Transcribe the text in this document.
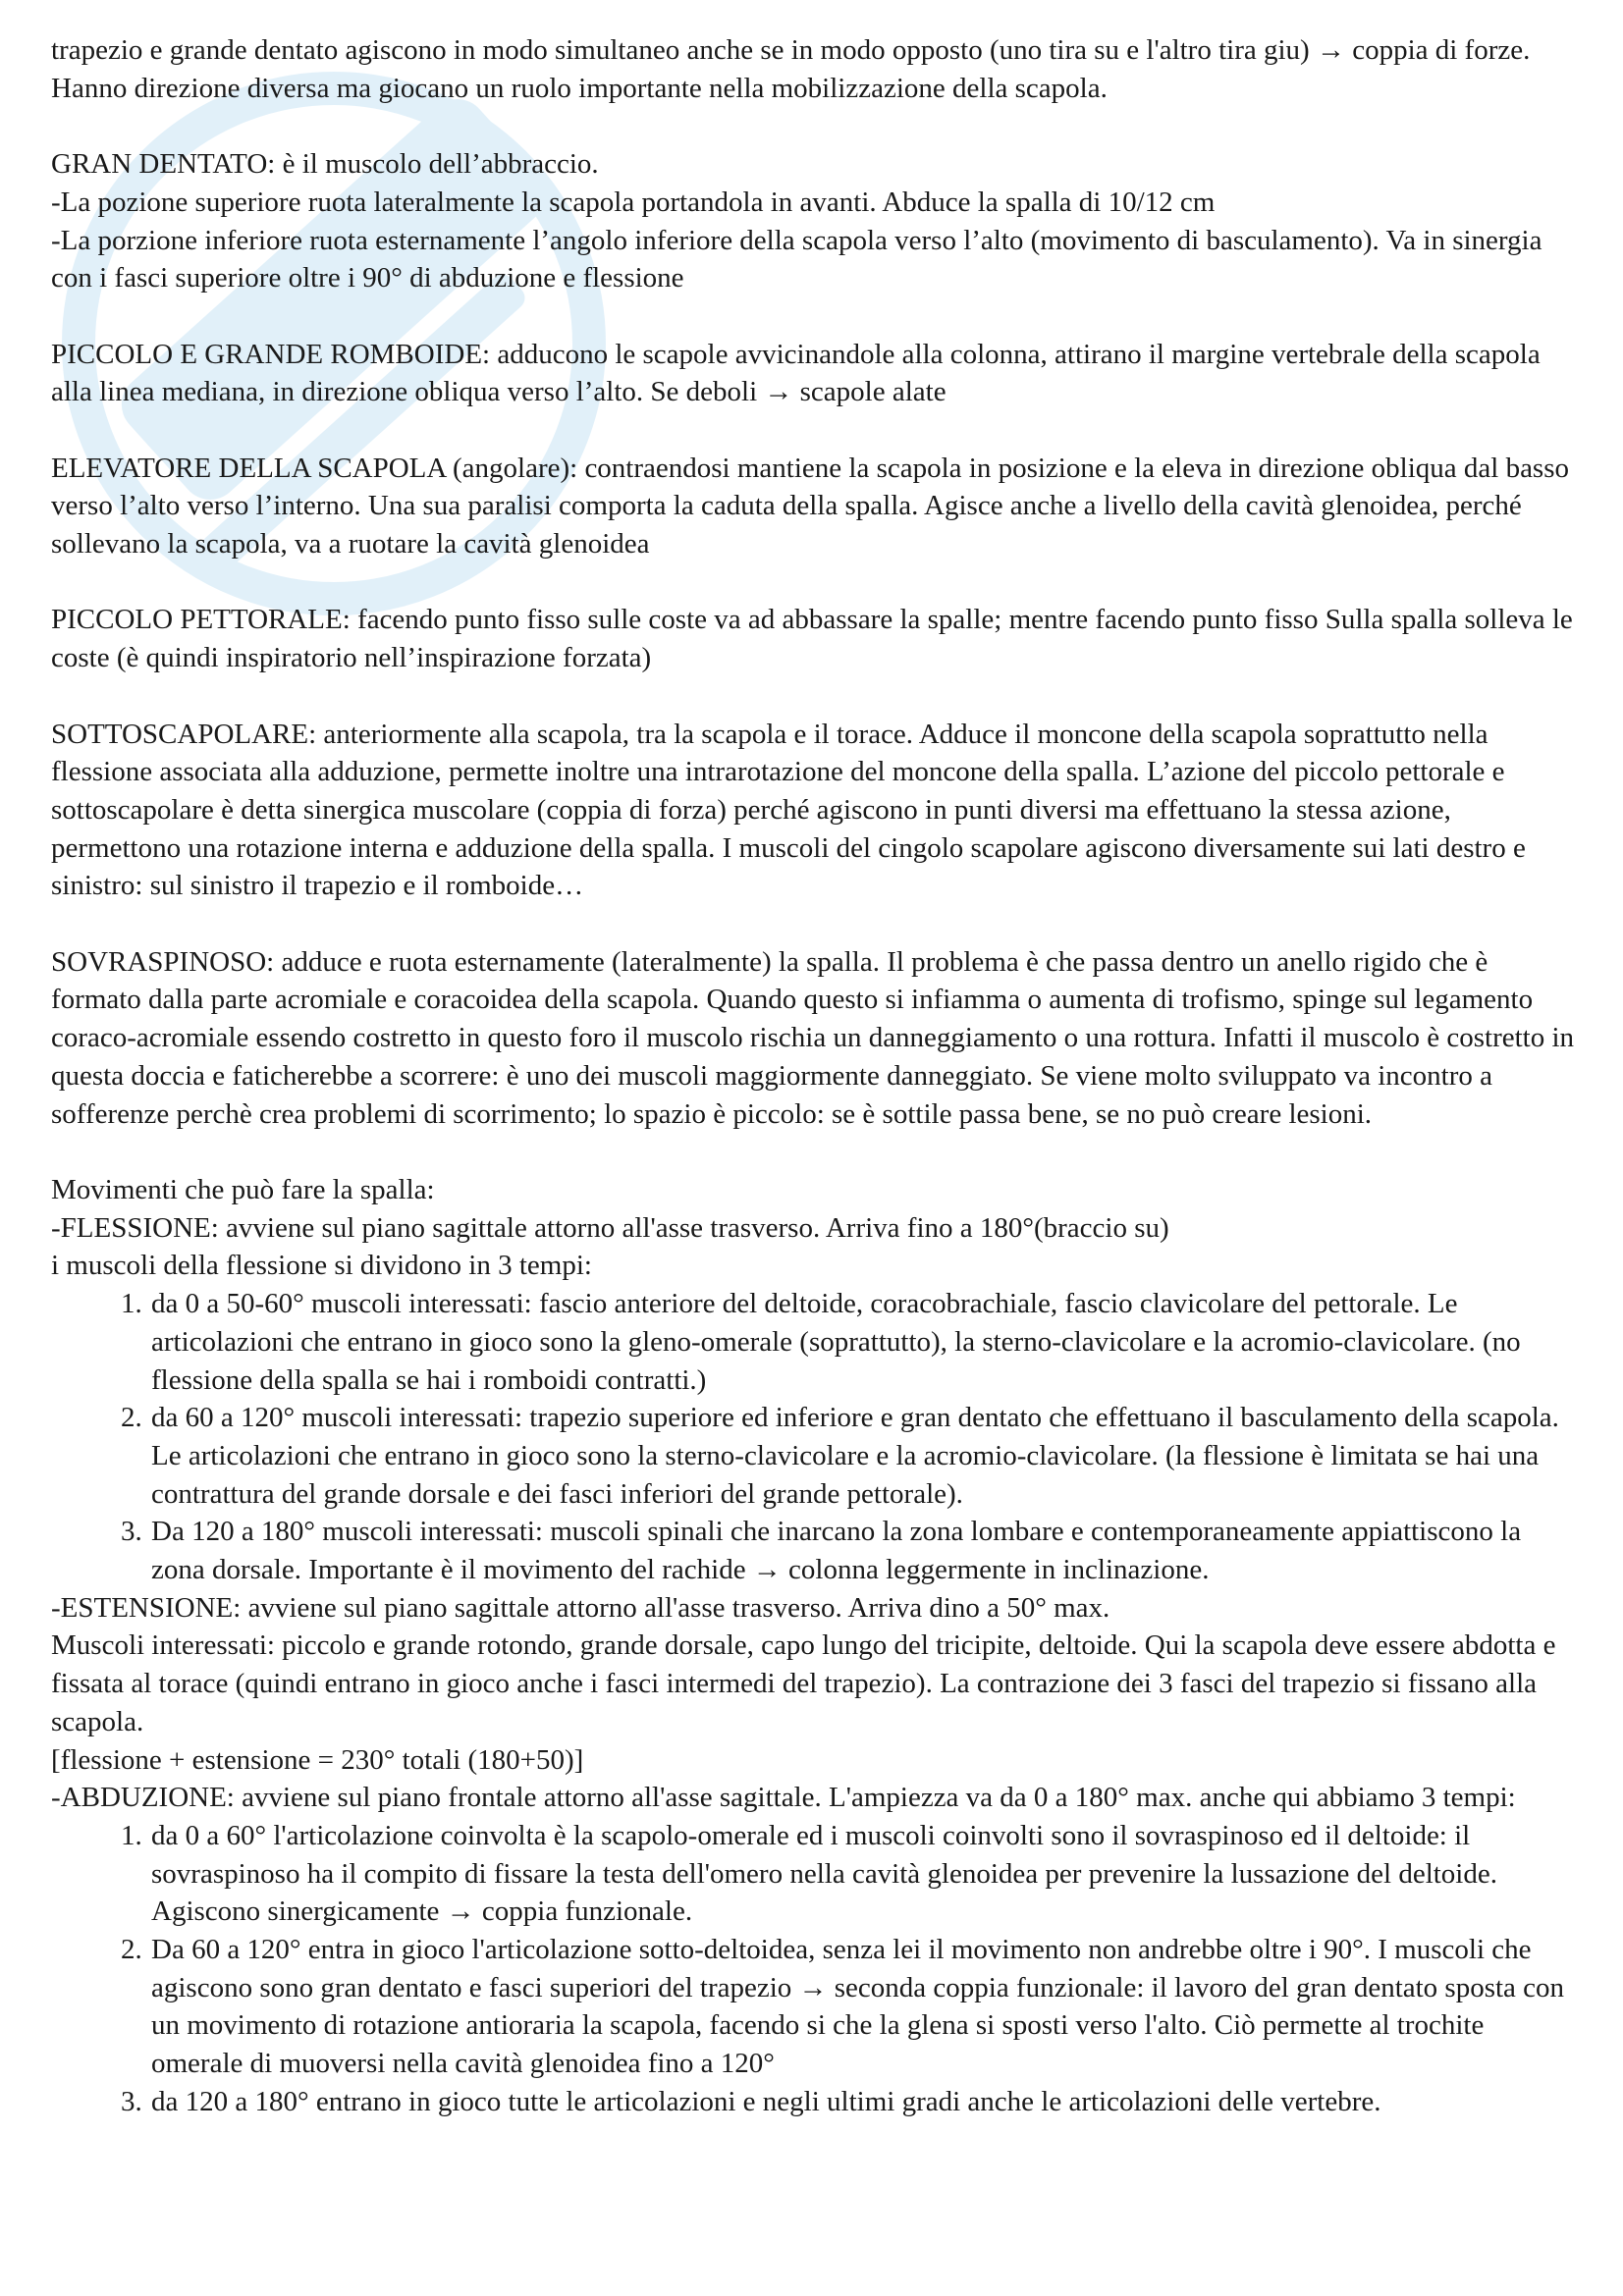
trapezio e grande dentato agiscono in modo simultaneo anche se in modo opposto (uno tira su e l'altro tira giu) → coppia di forze. Hanno direzione diversa ma giocano un ruolo importante nella mobilizzazione della scapola.

GRAN DENTATO: è il muscolo dell’abbraccio.

-La pozione superiore ruota lateralmente la scapola portandola in avanti. Abduce la spalla di 10/12 cm

-La porzione inferiore ruota esternamente l’angolo inferiore della scapola verso l’alto (movimento di basculamento). Va in sinergia con i fasci superiore oltre i 90° di abduzione e flessione

PICCOLO E GRANDE ROMBOIDE: adducono le scapole avvicinandole alla colonna, attirano il margine vertebrale della scapola alla linea mediana, in direzione obliqua verso l’alto. Se deboli → scapole alate

ELEVATORE DELLA SCAPOLA (angolare): contraendosi mantiene la scapola in posizione e la eleva in direzione obliqua dal basso verso l’alto verso l’interno. Una sua paralisi comporta la caduta della spalla. Agisce anche a livello della cavità glenoidea, perché sollevano la scapola, va a ruotare la cavità glenoidea

PICCOLO PETTORALE: facendo punto fisso sulle coste va ad abbassare la spalle; mentre facendo punto fisso Sulla spalla solleva le coste (è quindi inspiratorio nell’inspirazione forzata)

SOTTOSCAPOLARE: anteriormente alla scapola, tra la scapola e il torace. Adduce il moncone della scapola soprattutto nella flessione associata alla adduzione, permette inoltre una intrarotazione del moncone della spalla. L’azione del piccolo pettorale e sottoscapolare è detta sinergica muscolare (coppia di forza) perché agiscono in punti diversi ma effettuano la stessa azione, permettono una rotazione interna e adduzione della spalla. I muscoli del cingolo scapolare agiscono diversamente sui lati destro e sinistro: sul sinistro il trapezio e il romboide…

SOVRASPINOSO: adduce e ruota esternamente (lateralmente) la spalla. Il problema è che passa dentro un anello rigido che è formato dalla parte acromiale e coracoidea della scapola. Quando questo si infiamma o aumenta di trofismo, spinge sul legamento coraco-acromiale essendo costretto in questo foro il muscolo rischia un danneggiamento o una rottura. Infatti il muscolo è costretto in questa doccia e faticherebbe a scorrere: è uno dei muscoli maggiormente danneggiato. Se viene molto sviluppato va incontro a sofferenze perchè crea problemi di scorrimento; lo spazio è piccolo: se è sottile passa bene, se no può creare lesioni.

Movimenti che può fare la spalla:

-FLESSIONE: avviene sul piano sagittale attorno all'asse trasverso. Arriva fino a 180°(braccio su)

i muscoli della flessione si dividono in 3 tempi:

1. da 0 a 50-60° muscoli interessati: fascio anteriore del deltoide, coracobrachiale, fascio clavicolare del pettorale. Le articolazioni che entrano in gioco sono la gleno-omerale (soprattutto), la sterno-clavicolare e la acromio-clavicolare. (no flessione della spalla se hai i romboidi contratti.)
2. da 60 a 120° muscoli interessati: trapezio superiore ed inferiore e gran dentato che effettuano il basculamento della scapola. Le articolazioni che entrano in gioco sono la sterno-clavicolare e la acromio-clavicolare. (la flessione è limitata se hai una contrattura del grande dorsale e dei fasci inferiori del grande pettorale).
3. Da 120 a 180° muscoli interessati: muscoli spinali che inarcano la zona lombare e contemporaneamente appiattiscono la zona dorsale. Importante è il movimento del rachide → colonna leggermente in inclinazione.

-ESTENSIONE: avviene sul piano sagittale attorno all'asse trasverso. Arriva dino a 50° max.

Muscoli interessati: piccolo e grande rotondo, grande dorsale, capo lungo del tricipite, deltoide. Qui la scapola deve essere abdotta e fissata al torace (quindi entrano in gioco anche i fasci intermedi del trapezio). La contrazione dei 3 fasci del trapezio si fissano alla scapola.

[flessione + estensione = 230° totali (180+50)]

-ABDUZIONE: avviene sul piano frontale attorno all'asse sagittale. L'ampiezza va da 0 a 180° max. anche qui abbiamo 3 tempi:

1. da 0 a 60° l'articolazione coinvolta è la scapolo-omerale ed i muscoli coinvolti sono il sovraspinoso ed il deltoide: il sovraspinoso ha il compito di fissare la testa dell'omero nella cavità glenoidea per prevenire la lussazione del deltoide. Agiscono sinergicamente → coppia funzionale.
2. Da 60 a 120° entra in gioco l'articolazione sotto-deltoidea, senza lei il movimento non andrebbe oltre i 90°. I muscoli che agiscono sono gran dentato e fasci superiori del trapezio → seconda coppia funzionale: il lavoro del gran dentato sposta con un movimento di rotazione antioraria la scapola, facendo si che la glena si sposti verso l'alto. Ciò permette al trochite omerale di muoversi nella cavità glenoidea fino a 120°
3. da 120 a 180° entrano in gioco tutte le articolazioni e negli ultimi gradi anche le articolazioni delle vertebre.
